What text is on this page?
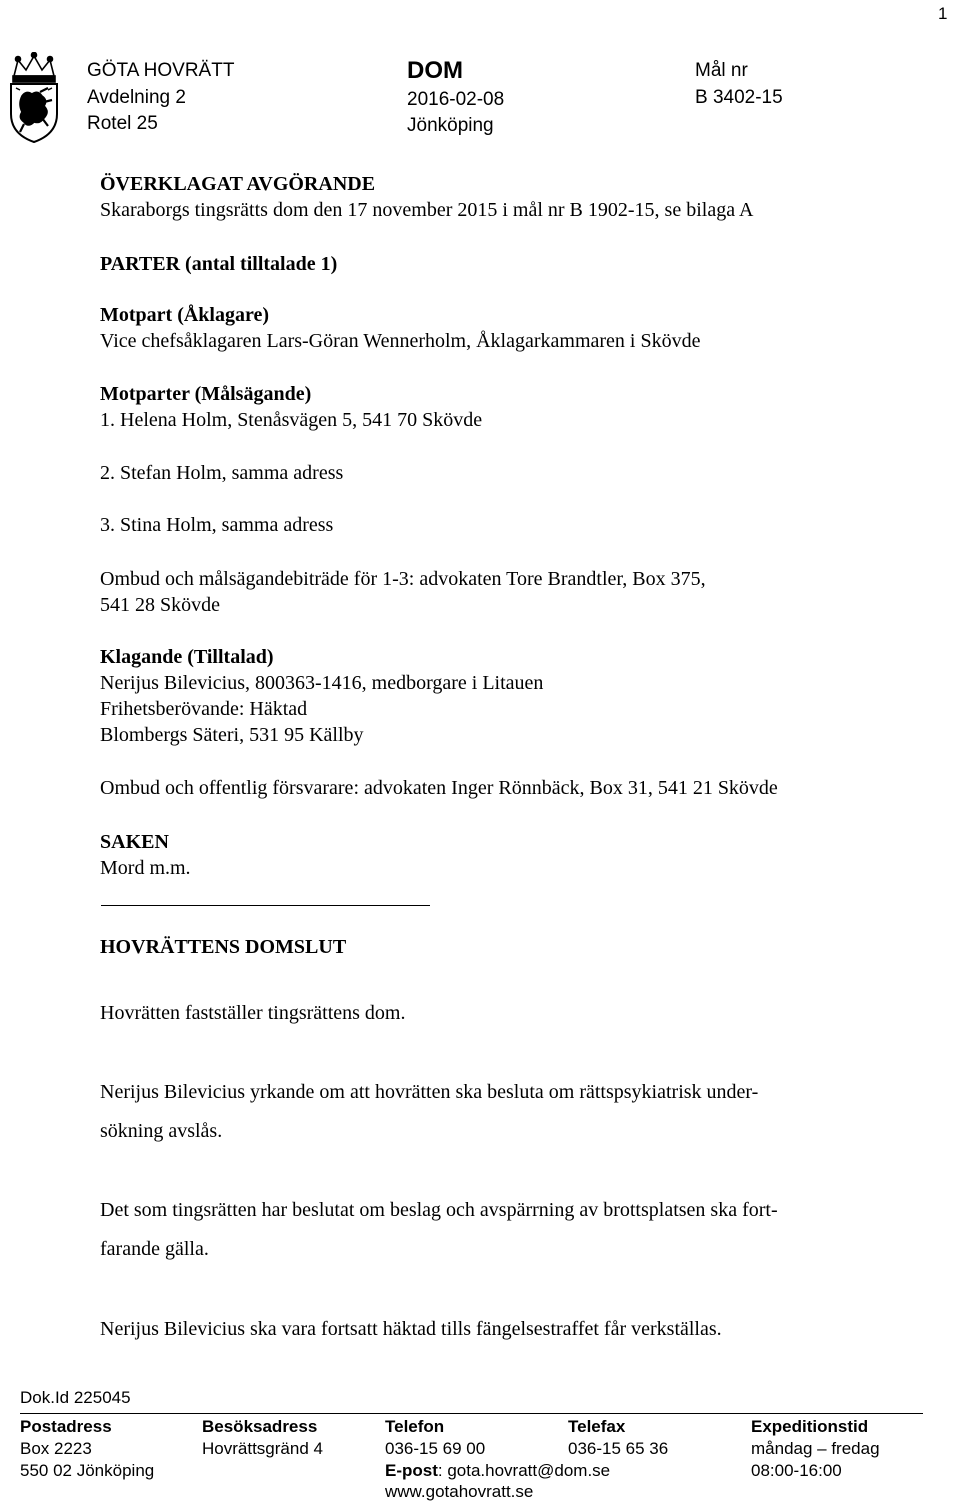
1
GÖTA HOVRÄTT
Avdelning 2
Rotel 25
DOM
2016-02-08
Jönköping
Mål nr
B 3402-15
ÖVERKLAGAT AVGÖRANDE
Skaraborgs tingsrätts dom den 17 november 2015 i mål nr B 1902-15, se bilaga A
PARTER (antal tilltalade 1)
Motpart (Åklagare)
Vice chefsåklagaren Lars-Göran Wennerholm, Åklagarkammaren i Skövde
Motparter (Målsägande)
1. Helena Holm, Stenåsvägen 5, 541 70 Skövde
2. Stefan Holm, samma adress
3. Stina Holm, samma adress
Ombud och målsägandebiträde för 1-3: advokaten Tore Brandtler, Box 375,
541 28 Skövde
Klagande (Tilltalad)
Nerijus Bilevicius, 800363-1416, medborgare i Litauen
Frihetsberövande: Häktad
Blombergs Säteri, 531 95 Källby
Ombud och offentlig försvarare: advokaten Inger Rönnbäck, Box 31, 541 21 Skövde
SAKEN
Mord m.m.
HOVRÄTTENS DOMSLUT
Hovrätten fastställer tingsrättens dom.
Nerijus Bilevicius yrkande om att hovrätten ska besluta om rättspsykiatrisk under-
sökning avslås.
Det som tingsrätten har beslutat om beslag och avspärrning av brottsplatsen ska fort-
farande gälla.
Nerijus Bilevicius ska vara fortsatt häktad tills fängelsestraffet får verkställas.
Dok.Id 225045
Postadress
Box 2223
550 02 Jönköping
Besöksadress
Hovrättsgränd 4
Telefon
036-15 69 00
E-post: gota.hovratt@dom.se
www.gotahovratt.se
Telefax
036-15 65 36
Expeditionstid
måndag – fredag
08:00-16:00
